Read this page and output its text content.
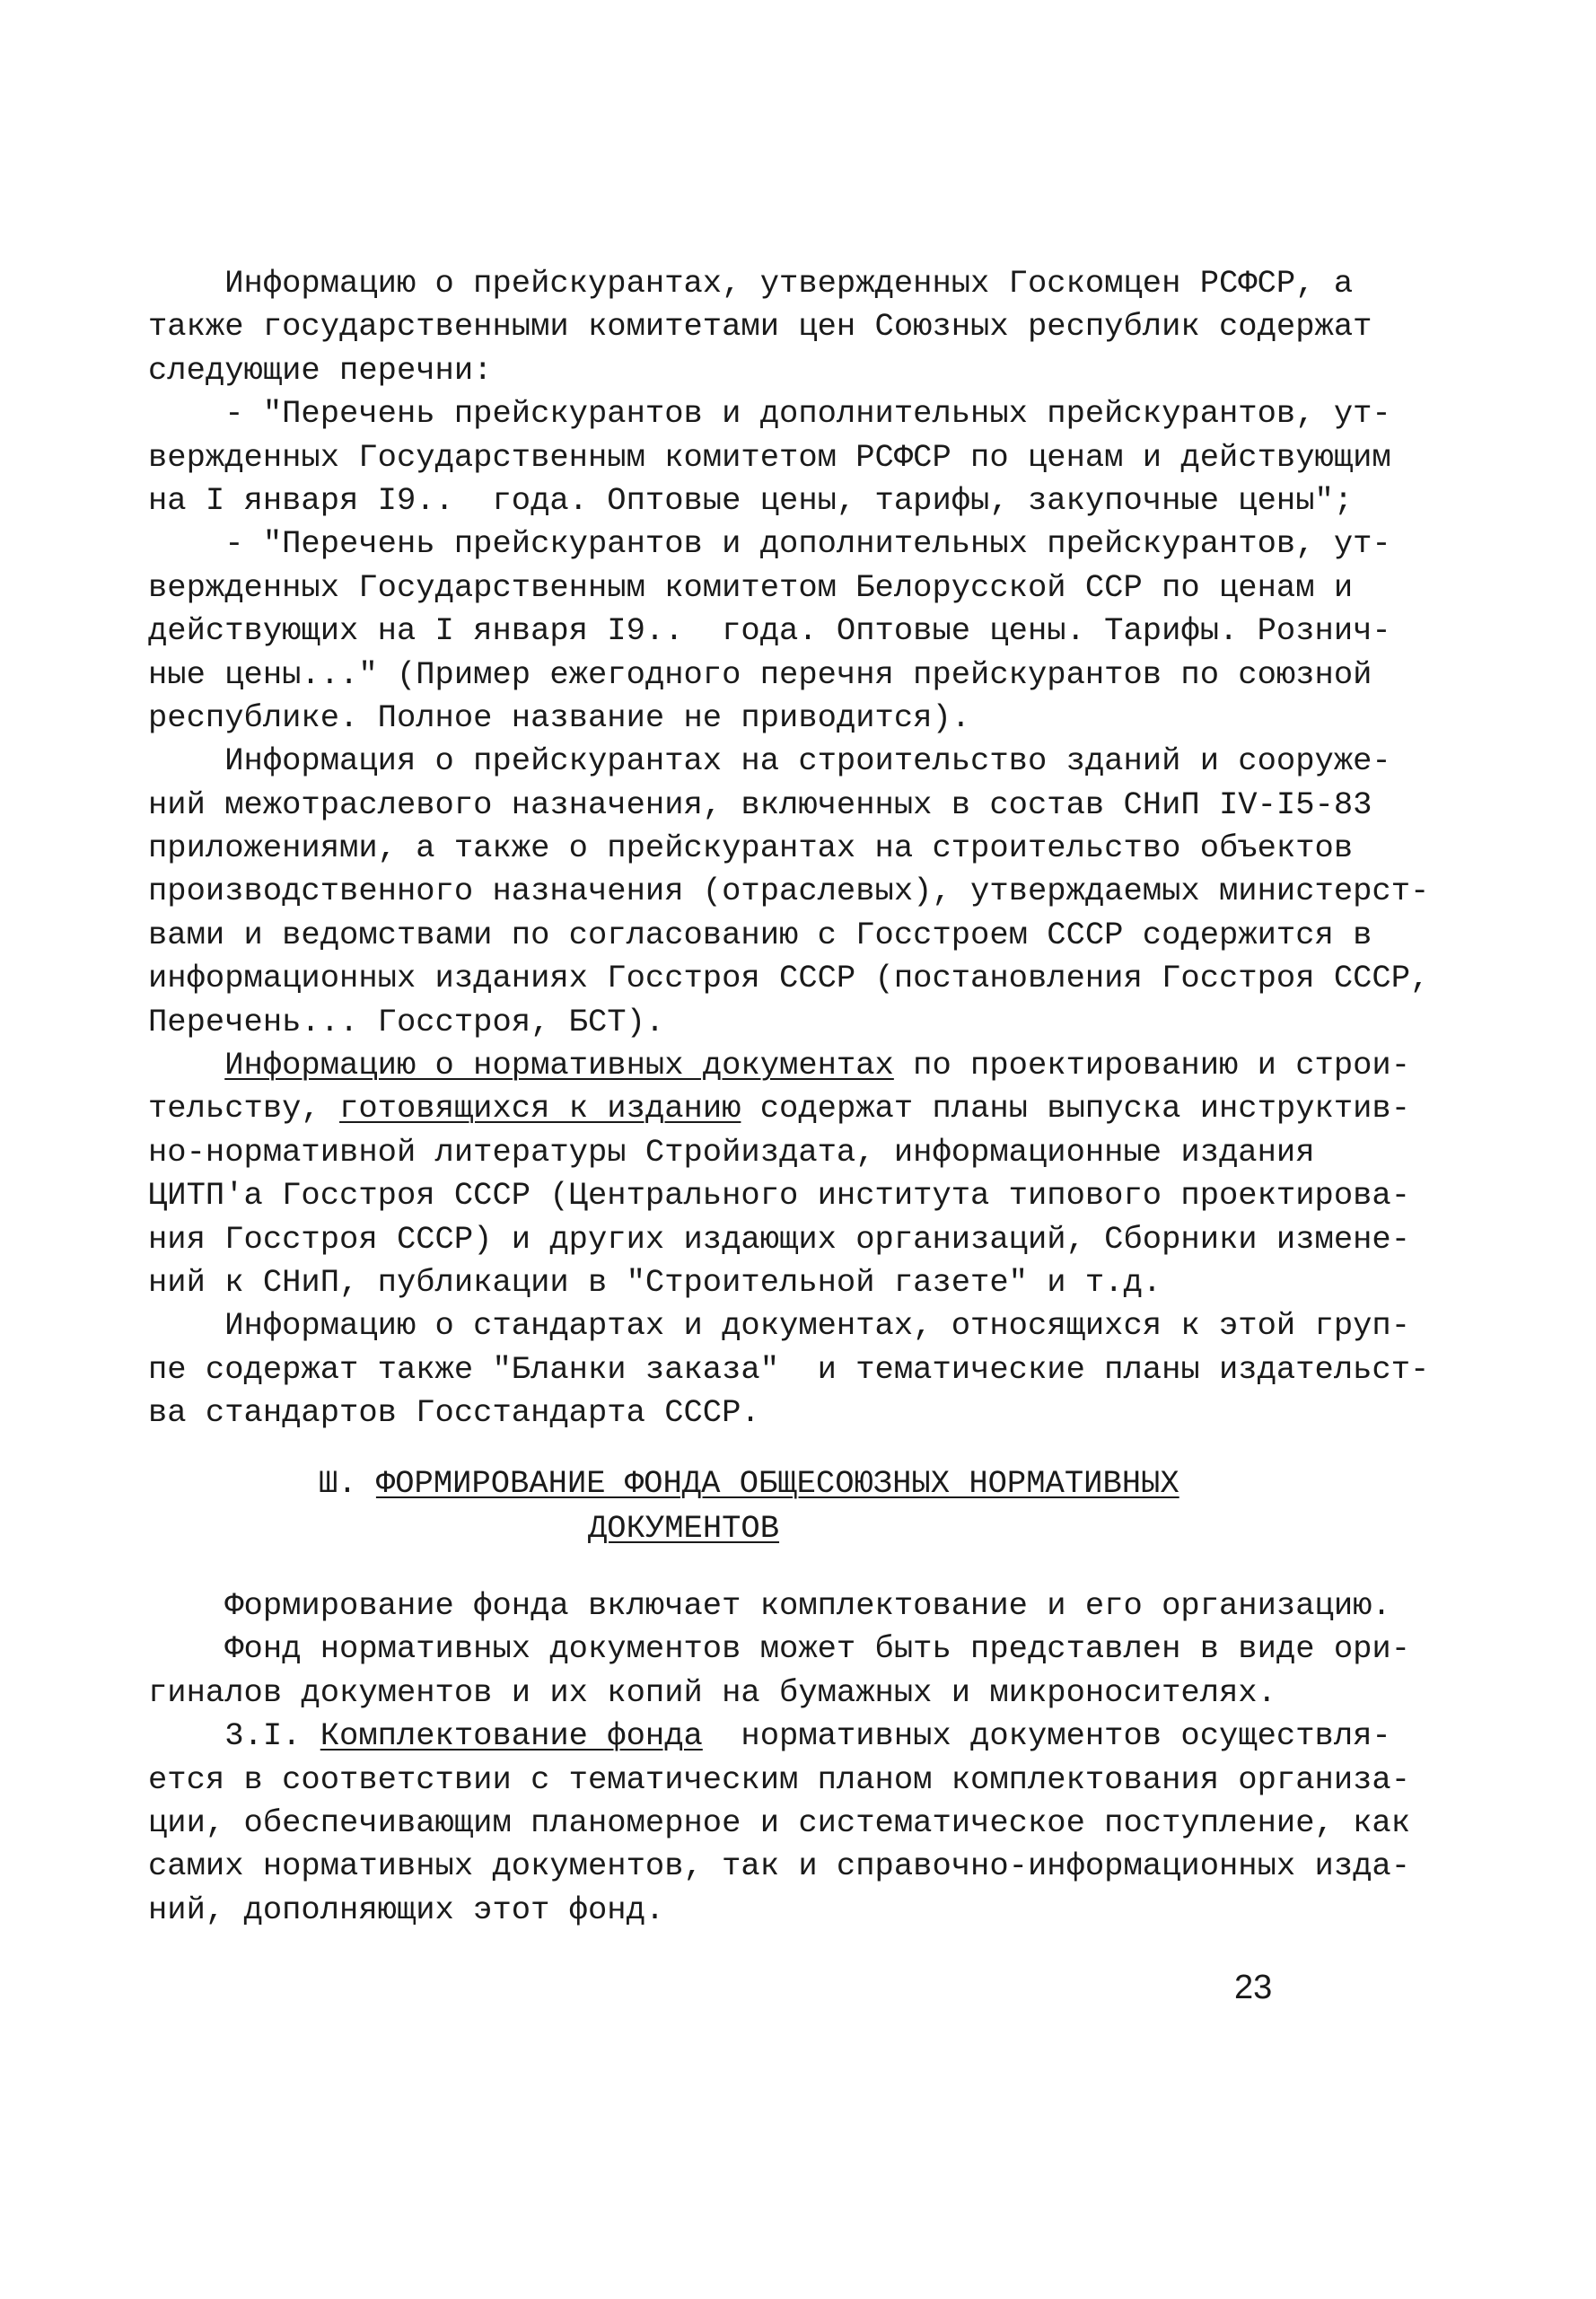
Информацию о прейскурантах, утвержденных Госкомцен РСФСР, а
также государственными комитетами цен Союзных республик содержат
следующие перечни:
- "Перечень прейскурантов и дополнительных прейскурантов, ут-
вержденных Государственным комитетом РСФСР по ценам и действующим
на I января I9..  года. Оптовые цены, тарифы, закупочные цены";
- "Перечень прейскурантов и дополнительных прейскурантов, ут-
вержденных Государственным комитетом Белорусской ССР по ценам и
действующих на I января I9..  года. Оптовые цены. Тарифы. Рознич-
ные цены..." (Пример ежегодного перечня прейскурантов по союзной
республике. Полное название не приводится).
Информация о прейскурантах на строительство зданий и сооруже-
ний межотраслевого назначения, включенных в состав СНиП IV-I5-83
приложениями, а также о прейскурантах на строительство объектов
производственного назначения (отраслевых), утверждаемых министерст-
вами и ведомствами по согласованию с Госстроем СССР содержится в
информационных изданиях Госстроя СССР (постановления Госстроя СССР,
Перечень... Госстроя, БСТ).
Информацию о нормативных документах по проектированию и строи-
тельству, готовящихся к изданию содержат планы выпуска инструктив-
но-нормативной литературы Стройиздата, информационные издания
ЦИТП'а Госстроя СССР (Центрального института типового проектирова-
ния Госстроя СССР) и других издающих организаций, Сборники измене-
ний к СНиП, публикации в "Строительной газете" и т.д.
Информацию о стандартах и документах, относящихся к этой груп-
пе содержат также "Бланки заказа"  и тематические планы издательст-
ва стандартов Госстандарта СССР.
Ш. ФОРМИРОВАНИЕ ФОНДА ОБЩЕСОЮЗНЫХ НОРМАТИВНЫХ
ДОКУМЕНТОВ
Формирование фонда включает комплектование и его организацию.
Фонд нормативных документов может быть представлен в виде ори-
гиналов документов и их копий на бумажных и микроносителях.
3.I. Комплектование фонда  нормативных документов осуществля-
ется в соответствии с тематическим планом комплектования организа-
ции, обеспечивающим планомерное и систематическое поступление, как
самих нормативных документов, так и справочно-информационных изда-
ний, дополняющих этот фонд.
23
